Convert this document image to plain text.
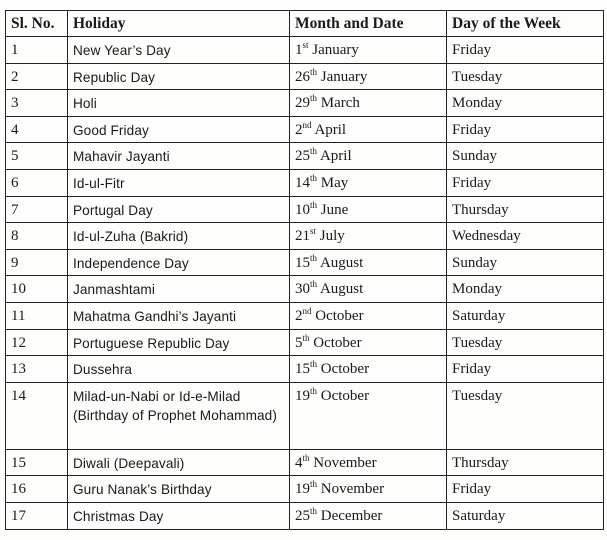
Sl. No.	Holiday	Month and Date	Day of the Week
1	New Year’s Day	1st January	Friday
2	Republic Day	26th January	Tuesday
3	Holi	29th March	Monday
4	Good Friday	2nd April	Friday
5	Mahavir Jayanti	25th April	Sunday
6	Id-ul-Fitr	14th May	Friday
7	Portugal Day	10th June	Thursday
8	Id-ul-Zuha (Bakrid)	21st July	Wednesday
9	Independence Day	15th August	Sunday
10	Janmashtami	30th August	Monday
11	Mahatma Gandhi’s Jayanti	2nd October	Saturday
12	Portuguese Republic Day	5th October	Tuesday
13	Dussehra	15th October	Friday
14	Milad-un-Nabi or Id-e-Milad (Birthday of Prophet Mohammad)	19th October	Tuesday
15	Diwali (Deepavali)	4th November	Thursday
16	Guru Nanak’s Birthday	19th November	Friday
17	Christmas Day	25th December	Saturday
